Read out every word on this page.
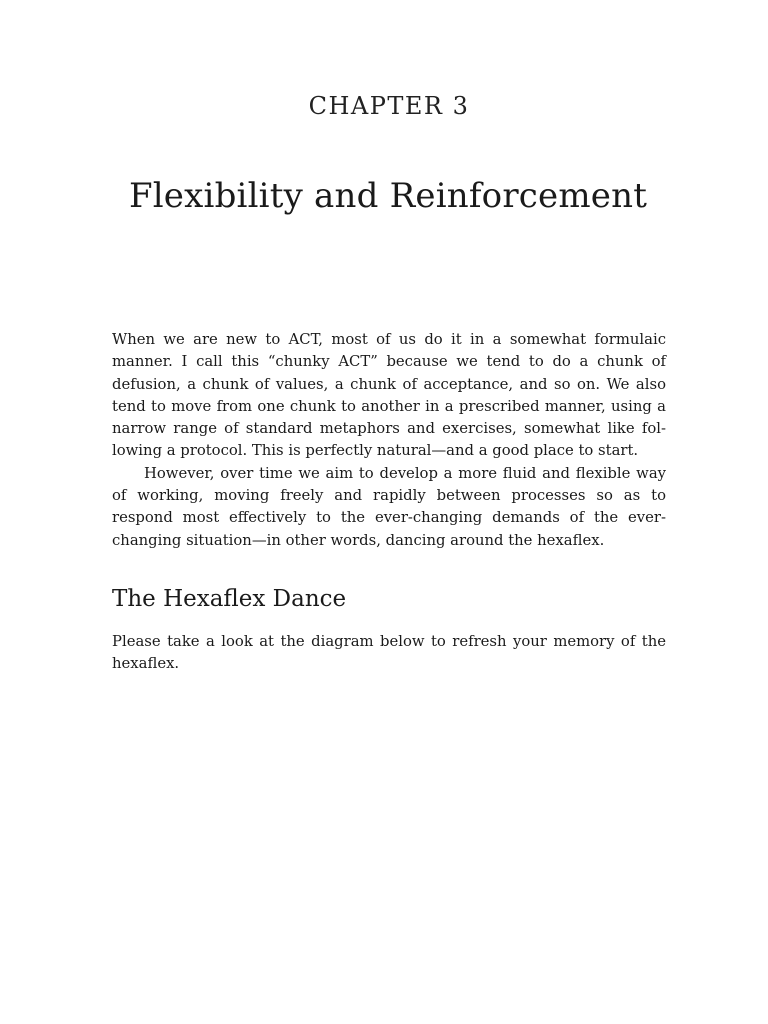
CHAPTER 3
Flexibility and Reinforcement

When we are new to ACT, most of us do it in a somewhat formulaic manner. I call this “chunky ACT” because we tend to do a chunk of defusion, a chunk of values, a chunk of acceptance, and so on. We also tend to move from one chunk to another in a prescribed manner, using a narrow range of standard metaphors and exercises, somewhat like following a protocol. This is perfectly natural—and a good place to start.

However, over time we aim to develop a more fluid and flexible way of working, moving freely and rapidly between processes so as to respond most effectively to the ever-changing demands of the ever-changing situation—in other words, dancing around the hexaflex.

The Hexaflex Dance

Please take a look at the diagram below to refresh your memory of the hexaflex.
